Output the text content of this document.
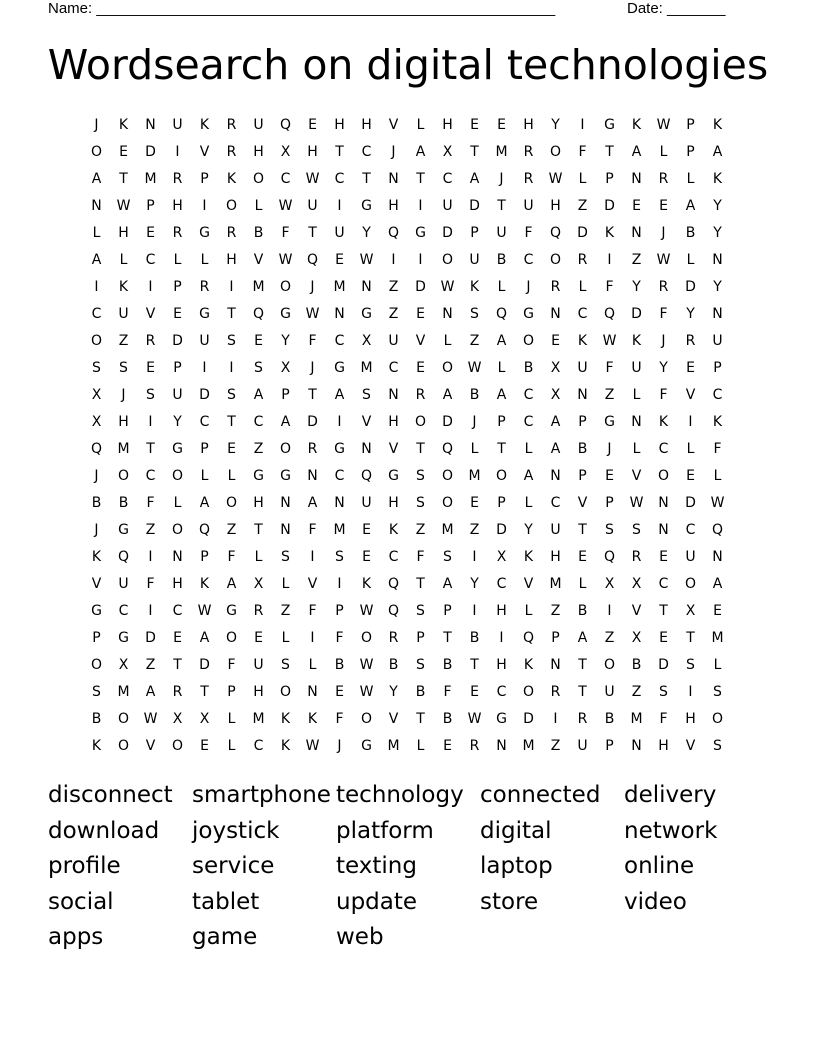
Name: _______________________________________________________	Date: _______
Wordsearch on digital technologies
J	K	N	U	K	R	U	Q	E	H	H	V	L	H	E	E	H	Y	I	G	K	W	P	K
O	E	D	I	V	R	H	X	H	T	C	J	A	X	T	M	R	O	F	T	A	L	P	A
A	T	M	R	P	K	O	C	W	C	T	N	T	C	A	J	R	W	L	P	N	R	L	K
N	W	P	H	I	O	L	W	U	I	G	H	I	U	D	T	U	H	Z	D	E	E	A	Y
L	H	E	R	G	R	B	F	T	U	Y	Q	G	D	P	U	F	Q	D	K	N	J	B	Y
A	L	C	L	L	H	V	W	Q	E	W	I	I	O	U	B	C	O	R	I	Z	W	L	N
I	K	I	P	R	I	M	O	J	M	N	Z	D	W	K	L	J	R	L	F	Y	R	D	Y
C	U	V	E	G	T	Q	G	W	N	G	Z	E	N	S	Q	G	N	C	Q	D	F	Y	N
O	Z	R	D	U	S	E	Y	F	C	X	U	V	L	Z	A	O	E	K	W	K	J	R	U
S	S	E	P	I	I	S	X	J	G	M	C	E	O	W	L	B	X	U	F	U	Y	E	P
X	J	S	U	D	S	A	P	T	A	S	N	R	A	B	A	C	X	N	Z	L	F	V	C
X	H	I	Y	C	T	C	A	D	I	V	H	O	D	J	P	C	A	P	G	N	K	I	K
Q	M	T	G	P	E	Z	O	R	G	N	V	T	Q	L	T	L	A	B	J	L	C	L	F
J	O	C	O	L	L	G	G	N	C	Q	G	S	O	M	O	A	N	P	E	V	O	E	L
B	B	F	L	A	O	H	N	A	N	U	H	S	O	E	P	L	C	V	P	W	N	D	W
J	G	Z	O	Q	Z	T	N	F	M	E	K	Z	M	Z	D	Y	U	T	S	S	N	C	Q
K	Q	I	N	P	F	L	S	I	S	E	C	F	S	I	X	K	H	E	Q	R	E	U	N
V	U	F	H	K	A	X	L	V	I	K	Q	T	A	Y	C	V	M	L	X	X	C	O	A
G	C	I	C	W	G	R	Z	F	P	W	Q	S	P	I	H	L	Z	B	I	V	T	X	E
P	G	D	E	A	O	E	L	I	F	O	R	P	T	B	I	Q	P	A	Z	X	E	T	M
O	X	Z	T	D	F	U	S	L	B	W	B	S	B	T	H	K	N	T	O	B	D	S	L
S	M	A	R	T	P	H	O	N	E	W	Y	B	F	E	C	O	R	T	U	Z	S	I	S
B	O	W	X	X	L	M	K	K	F	O	V	T	B	W	G	D	I	R	B	M	F	H	O
K	O	V	O	E	L	C	K	W	J	G	M	L	E	R	N	M	Z	U	P	N	H	V	S
disconnect smartphone technology connected	delivery
download	joystick	platform	digital	network
profile	service	texting	laptop	online
social	tablet	update	store	video
apps	game	web
